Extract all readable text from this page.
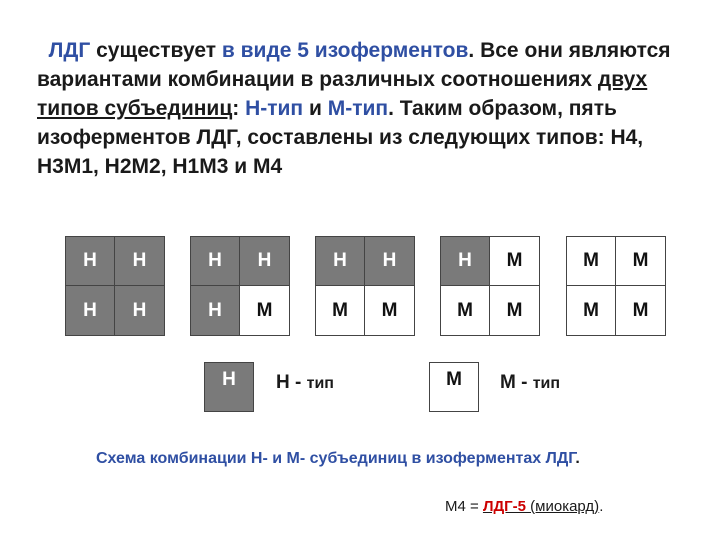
ЛДГ существует в виде 5 изоферментов. Все они являются вариантами комбинации в различных соотношениях двух типов субъединиц: Н-тип и М-тип. Таким образом, пять изоферментов ЛДГ, составлены из следующих типов: Н4, Н3М1, Н2М2, Н1М3 и М4
H	H
H	H
H	H
H	M
H	H
M	M
H	M
M	M
M	M
M	M
H	H - тип	M	M - тип
Схема комбинации Н- и М- субъединиц в изоферментах ЛДГ.
М4 = ЛДГ-5 (миокард).
